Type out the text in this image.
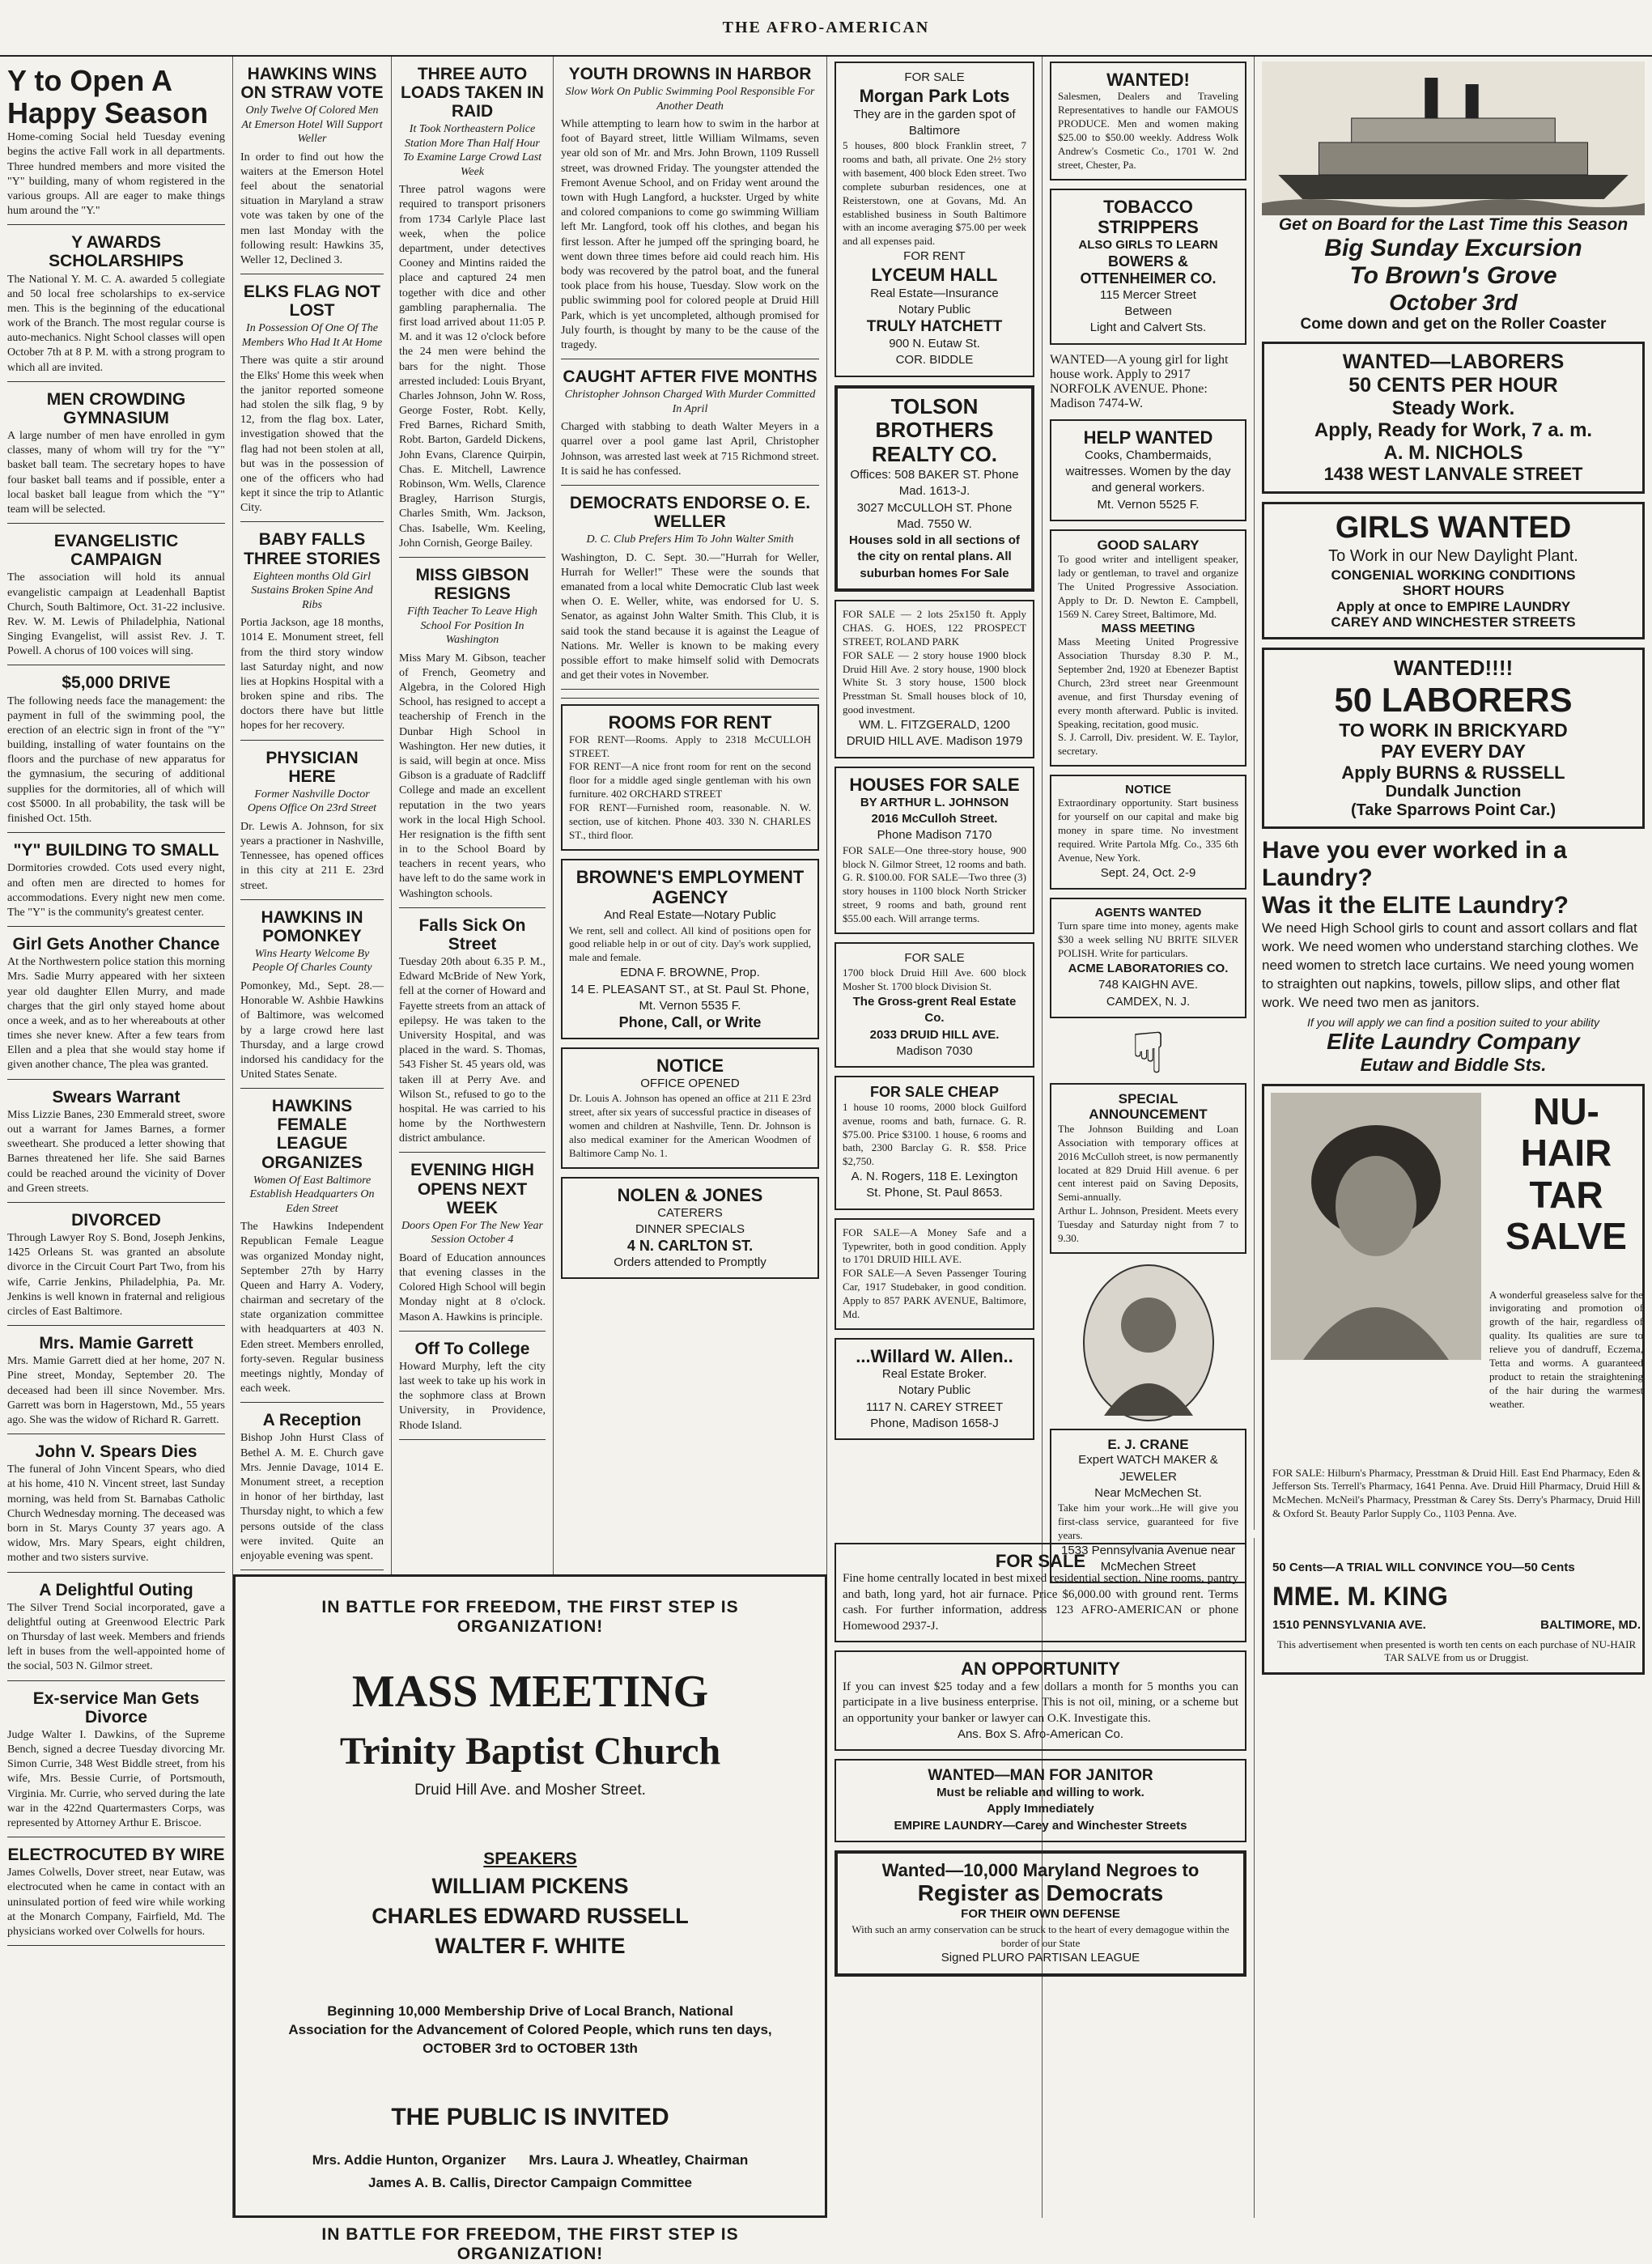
THE AFRO-AMERICAN
Y to Open A Happy Season

Home-coming Social held Tuesday evening begins the active Fall work in all departments. Three hundred members and more visited the "Y" building, many of whom registered in the various groups. All are eager to make things hum around the "Y."

Y AWARDS SCHOLARSHIPS

The National Y. M. C. A. awarded 5 collegiate and 50 local free scholarships to ex-service men. This is the beginning of the educational work of the Branch. The most regular course is auto-mechanics. Night School classes will open October 7th at 8 P. M. with a strong program to which all are invited.

MEN CROWDING GYMNASIUM

A large number of men have enrolled in gym classes, many of whom will try for the "Y" basket ball team. The secretary hopes to have four basket ball teams and if possible, enter a local basket ball league from which the "Y" team will be selected.

EVANGELISTIC CAMPAIGN

The association will hold its annual evangelistic campaign at Leadenhall Baptist Church, South Baltimore, Oct. 31-22 inclusive. Rev. W. M. Lewis of Philadelphia, National Singing Evangelist, will assist Rev. J. T. Powell. A chorus of 100 voices will sing.

$5,000 DRIVE

The following needs face the management: the payment in full of the swimming pool, the erection of an electric sign in front of the "Y" building, installing of water fountains on the floors and the purchase of new apparatus for the gymnasium, the securing of additional supplies for the dormitories, all of which will cost $5000. In all probability, the task will be finished Oct. 15th.

"Y" BUILDING TO SMALL

Dormitories crowded. Cots used every night, and often men are directed to homes for accommodations. Every night new men come. The "Y" is the community's greatest center.

Girl Gets Another Chance

At the Northwestern police station this morning Mrs. Sadie Murry appeared with her sixteen year old daughter Ellen Murry, and made charges that the girl only stayed home about once a week, and as to her whereabouts at other times she never knew. After a few tears from Ellen and a plea that she would stay home if given another chance, The plea was granted.

Swears Warrant

Miss Lizzie Banes, 230 Emmerald street, swore out a warrant for James Barnes, a former sweetheart. She produced a letter showing that Barnes threatened her life. She said Barnes could be reached around the vicinity of Dover and Green streets.

DIVORCED

Through Lawyer Roy S. Bond, Joseph Jenkins, 1425 Orleans St. was granted an absolute divorce in the Circuit Court Part Two, from his wife, Carrie Jenkins, Philadelphia, Pa. Mr. Jenkins is well known in fraternal and religious circles of East Baltimore.

Mrs. Mamie Garrett

Mrs. Mamie Garrett died at her home, 207 N. Pine street, Monday, September 20. The deceased had been ill since November. Mrs. Garrett was born in Hagerstown, Md., 55 years ago. She was the widow of Richard R. Garrett.

John V. Spears Dies

The funeral of John Vincent Spears, who died at his home, 410 N. Vincent street, last Sunday morning, was held from St. Barnabas Catholic Church Wednesday morning. The deceased was born in St. Marys County 37 years ago. A widow, Mrs. Mary Spears, eight children, mother and two sisters survive.

A Delightful Outing

The Silver Trend Social incorporated, gave a delightful outing at Greenwood Electric Park on Thursday of last week. Members and friends left in buses from the well-appointed home of the social, 503 N. Gilmor street.

Ex-service Man Gets Divorce

Judge Walter I. Dawkins, of the Supreme Bench, signed a decree Tuesday divorcing Mr. Simon Currie, 348 West Biddle street, from his wife, Mrs. Bessie Currie, of Portsmouth, Virginia. Mr. Currie, who served during the late war in the 422nd Quartermasters Corps, was represented by Attorney Arthur E. Briscoe.

ELECTROCUTED BY WIRE

James Colwells, Dover street, near Eutaw, was electrocuted when he came in contact with an uninsulated portion of feed wire while working at the Monarch Company, Fairfield, Md. The physicians worked over Colwells for hours.

HAWKINS WINS ON STRAW VOTE
Only Twelve Of Colored Men At Emerson Hotel Will Support Weller

In order to find out how the waiters at the Emerson Hotel feel about the senatorial situation in Maryland a straw vote was taken by one of the men last Monday with the following result: Hawkins 35, Weller 12, Declined 3.

ELKS FLAG NOT LOST
In Possession Of One Of The Members Who Had It At Home

There was quite a stir around the Elks' Home this week when the janitor reported someone had stolen the silk flag, 9 by 12, from the flag box. Later, investigation showed that the flag had not been stolen at all, but was in the possession of one of the officers who had kept it since the trip to Atlantic City.

BABY FALLS THREE STORIES
Eighteen months Old Girl Sustains Broken Spine And Ribs

Portia Jackson, age 18 months, 1014 E. Monument street, fell from the third story window last Saturday night, and now lies at Hopkins Hospital with a broken spine and ribs. The doctors there have but little hopes for her recovery.

PHYSICIAN HERE
Former Nashville Doctor Opens Office On 23rd Street

Dr. Lewis A. Johnson, for six years a practioner in Nashville, Tennessee, has opened offices in this city at 211 E. 23rd street.

HAWKINS IN POMONKEY
Wins Hearty Welcome By People Of Charles County

Pomonkey, Md., Sept. 28.—Honorable W. Ashbie Hawkins of Baltimore, was welcomed by a large crowd here last Thursday, and a large crowd indorsed his candidacy for the United States Senate.

HAWKINS FEMALE LEAGUE ORGANIZES
Women Of East Baltimore Establish Headquarters On Eden Street

The Hawkins Independent Republican Female League was organized Monday night, September 27th by Harry Queen and Harry A. Vodery, chairman and secretary of the state organization committee with headquarters at 403 N. Eden street. Members enrolled, forty-seven. Regular business meetings nightly, Monday of each week.

A Reception

Bishop John Hurst Class of Bethel A. M. E. Church gave Mrs. Jennie Davage, 1014 E. Monument street, a reception in honor of her birthday, last Thursday night, to which a few persons outside of the class were invited. Quite an enjoyable evening was spent.

THREE AUTO LOADS TAKEN IN RAID
It Took Northeastern Police Station More Than Half Hour To Examine Large Crowd Last Week

Three patrol wagons were required to transport prisoners from 1734 Carlyle Place last week, when the police department, under detectives Cooney and Mintins raided the place and captured 24 men together with dice and other gambling paraphernalia. The first load arrived about 11:05 P. M. and it was 12 o'clock before the 24 men were behind the bars for the night. Those arrested included: Louis Bryant, Charles Johnson, John W. Ross, George Foster, Robt. Kelly, Fred Barnes, Richard Smith, Robt. Barton, Gardeld Dickens, John Evans, Clarence Quirpin, Chas. E. Mitchell, Lawrence Robinson, Wm. Wells, Clarence Bragley, Harrison Sturgis, Charles Smith, Wm. Jackson, Chas. Isabelle, Wm. Keeling, John Cornish, George Bailey.

MISS GIBSON RESIGNS
Fifth Teacher To Leave High School For Position In Washington

Miss Mary M. Gibson, teacher of French, Geometry and Algebra, in the Colored High School, has resigned to accept a teachership of French in the Dunbar High School in Washington. Her new duties, it is said, will begin at once. Miss Gibson is a graduate of Radcliff College and made an excellent reputation in the two years work in the local High School. Her resignation is the fifth sent in to the School Board by teachers in recent years, who have left to do the same work in Washington schools.

Falls Sick On Street

Tuesday 20th about 6.35 P. M., Edward McBride of New York, fell at the corner of Howard and Fayette streets from an attack of epilepsy. He was taken to the University Hospital, and was placed in the ward. S. Thomas, 543 Fisher St. 45 years old, was taken ill at Perry Ave. and Wilson St., refused to go to the hospital. He was carried to his home by the Northwestern district ambulance.

EVENING HIGH OPENS NEXT WEEK
Doors Open For The New Year Session October 4

Board of Education announces that evening classes in the Colored High School will begin Monday night at 8 o'clock. Mason A. Hawkins is principle.

Off To College

Howard Murphy, left the city last week to take up his work in the sophmore class at Brown University, in Providence, Rhode Island.

YOUTH DROWNS IN HARBOR
Slow Work On Public Swimming Pool Responsible For Another Death

While attempting to learn how to swim in the harbor at foot of Bayard street, little William Wilmams, seven year old son of Mr. and Mrs. John Brown, 1109 Russell street, was drowned Friday. The youngster attended the Fremont Avenue School, and on Friday went around the town with Hugh Langford, a huckster. Urged by white and colored companions to come go swimming William left Mr. Langford, took off his clothes, and began his first lesson. After he jumped off the springing board, he went down three times before aid could reach him. His body was recovered by the patrol boat, and the funeral took place from his house, Tuesday. Slow work on the public swimming pool for colored people at Druid Hill Park, which is yet uncompleted, although promised for July fourth, is thought by many to be the cause of the tragedy.

CAUGHT AFTER FIVE MONTHS
Christopher Johnson Charged With Murder Committed In April

Charged with stabbing to death Walter Meyers in a quarrel over a pool game last April, Christopher Johnson, was arrested last week at 715 Richmond street. It is said he has confessed.

DEMOCRATS ENDORSE O. E. WELLER
D. C. Club Prefers Him To John Walter Smith

Washington, D. C. Sept. 30.—"Hurrah for Weller, Hurrah for Weller!" These were the sounds that emanated from a local white Democratic Club last week when O. E. Weller, white, was endorsed for U. S. Senator, as against John Walter Smith. This Club, it is said took the stand because it is against the League of Nations. Mr. Weller is known to be making every possible effort to make himself solid with Democrats and get their votes in November.

ROOMS FOR RENT
FOR RENT—Rooms. Apply to 2318 McCULLOH STREET.
FOR RENT—A nice front room for rent on the second floor for a middle aged single gentleman with his own furniture. 402 ORCHARD STREET
FOR RENT—Furnished room, reasonable. N. W. section, use of kitchen. Phone 403. 330 N. CHARLES ST., third floor.
BROWNE'S EMPLOYMENT AGENCY
And Real Estate—Notary Public
We rent, sell and collect. All kind of positions open for good reliable help in or out of city. Day's work supplied, male and female.
EDNA F. BROWNE, Prop.
14 E. PLEASANT ST., at St. Paul St. Phone, Mt. Vernon 5535 F.
Phone, Call, or Write
NOTICE
OFFICE OPENED
Dr. Louis A. Johnson has opened an office at 211 E 23rd street, after six years of successful practice in diseases of women and children at Nashville, Tenn. Dr. Johnson is also medical examiner for the American Woodmen of Baltimore Camp No. 1.
NOLEN & JONES
CATERERS
DINNER SPECIALS
4 N. CARLTON ST.
Orders attended to Promptly
FOR SALE
Morgan Park Lots
They are in the garden spot of Baltimore
5 houses, 800 block Franklin street, 7 rooms and bath, all private. One 2½ story with basement, 400 block Eden street. Two complete suburban residences, one at Reisterstown, one at Govans, Md. An established business in South Baltimore with an income averaging $75.00 per week and all expenses paid.
FOR RENT
LYCEUM HALL
Real Estate—Insurance
Notary Public
TRULY HATCHETT
900 N. Eutaw St.
COR. BIDDLE
TOLSON BROTHERS REALTY CO.
Offices: 508 BAKER ST. Phone Mad. 1613-J.
3027 McCULLOH ST. Phone Mad. 7550 W.
Houses sold in all sections of the city on rental plans. All suburban homes For Sale
FOR SALE — 2 lots 25x150 ft. Apply CHAS. G. HOES, 122 PROSPECT STREET, ROLAND PARK
FOR SALE — 2 story house 1900 block Druid Hill Ave. 2 story house, 1900 block White St. 3 story house, 1500 block Presstman St. Small houses block of 10, good investment.
WM. L. FITZGERALD, 1200 DRUID HILL AVE. Madison 1979
HOUSES FOR SALE
BY ARTHUR L. JOHNSON
2016 McCulloh Street.
Phone Madison 7170
FOR SALE—One three-story house, 900 block N. Gilmor Street, 12 rooms and bath. G. R. $100.00. FOR SALE—Two three (3) story houses in 1100 block North Stricker street, 9 rooms and bath, ground rent $55.00 each. Will arrange terms.
FOR SALE
1700 block Druid Hill Ave. 600 block Mosher St. 1700 block Division St.
The Gross-grent Real Estate Co.
2033 DRUID HILL AVE.
Madison 7030
FOR SALE CHEAP
1 house 10 rooms, 2000 block Guilford avenue, rooms and bath, furnace. G. R. $75.00. Price $3100. 1 house, 6 rooms and bath, 2300 Barclay G. R. $58. Price $2,750.
A. N. Rogers, 118 E. Lexington St. Phone, St. Paul 8653.
FOR SALE—A Money Safe and a Typewriter, both in good condition. Apply to 1701 DRUID HILL AVE.
FOR SALE—A Seven Passenger Touring Car, 1917 Studebaker, in good condition. Apply to 857 PARK AVENUE, Baltimore, Md.
...Willard W. Allen..
Real Estate Broker.
Notary Public
1117 N. CAREY STREET
Phone, Madison 1658-J
WANTED!
Salesmen, Dealers and Traveling Representatives to handle our FAMOUS PRODUCE. Men and women making $25.00 to $50.00 weekly. Address Wolk Andrew's Cosmetic Co., 1701 W. 2nd street, Chester, Pa.
TOBACCO
STRIPPERS
ALSO GIRLS TO LEARN
BOWERS & OTTENHEIMER CO.
115 Mercer Street
Between
Light and Calvert Sts.
WANTED—A young girl for light house work. Apply to 2917 NORFOLK AVENUE. Phone: Madison 7474-W.
HELP WANTED
Cooks, Chambermaids, waitresses. Women by the day and general workers.
Mt. Vernon 5525 F.
GOOD SALARY
To good writer and intelligent speaker, lady or gentleman, to travel and organize The United Progressive Association. Apply to Dr. D. Newton E. Campbell, 1569 N. Carey Street, Baltimore, Md.
MASS MEETING
Mass Meeting United Progressive Association Thursday 8.30 P. M., September 2nd, 1920 at Ebenezer Baptist Church, 23rd street near Greenmount avenue, and first Thursday evening of every month afterward. Public is invited. Speaking, recitation, good music.
S. J. Carroll, Div. president. W. E. Taylor, secretary.
NOTICE
Extraordinary opportunity. Start business for yourself on our capital and make big money in spare time. No investment required. Write Partola Mfg. Co., 335 6th Avenue, New York.
Sept. 24, Oct. 2-9
AGENTS WANTED
Turn spare time into money, agents make $30 a week selling NU BRITE SILVER POLISH. Write for particulars.
ACME LABORATORIES CO.
748 KAIGHN AVE.
CAMDEX, N. J.
☟
SPECIAL ANNOUNCEMENT
The Johnson Building and Loan Association with temporary offices at 2016 McCulloh street, is now permanently located at 829 Druid Hill avenue. 6 per cent interest paid on Saving Deposits, Semi-annually.
Arthur L. Johnson, President. Meets every Tuesday and Saturday night from 7 to 9.30.
E. J. CRANE
Expert WATCH MAKER & JEWELER
Near McMechen St.
Take him your work...He will give you first-class service, guaranteed for five years.
1533 Pennsylvania Avenue near McMechen Street
FOR SALE
Fine home centrally located in best mixed residential section. Nine rooms, pantry and bath, long yard, hot air furnace. Price $6,000.00 with ground rent. Terms cash. For further information, address 123 AFRO-AMERICAN or phone Homewood 2937-J.
AN OPPORTUNITY
If you can invest $25 today and a few dollars a month for 5 months you can participate in a live business enterprise. This is not oil, mining, or a scheme but an opportunity your banker or lawyer can O.K. Investigate this.
Ans. Box S. Afro-American Co.
WANTED—MAN FOR JANITOR
Must be reliable and willing to work.
Apply Immediately
EMPIRE LAUNDRY—Carey and Winchester Streets
Wanted—10,000 Maryland Negroes to
Register as Democrats
FOR THEIR OWN DEFENSE
With such an army conservation can be struck to the heart of every demagogue within the border of our State
Signed PLURO PARTISAN LEAGUE
Get on Board for the Last Time this Season
Big Sunday Excursion
To Brown's Grove
October 3rd
Come down and get on the Roller Coaster
WANTED—LABORERS
50 CENTS PER HOUR
Steady Work.
Apply, Ready for Work, 7 a. m.
A. M. NICHOLS
1438 WEST LANVALE STREET
GIRLS WANTED
To Work in our New Daylight Plant.
CONGENIAL WORKING CONDITIONS
SHORT HOURS
Apply at once to EMPIRE LAUNDRY
CAREY AND WINCHESTER STREETS
WANTED!!!!
50 LABORERS
TO WORK IN BRICKYARD
PAY EVERY DAY
Apply BURNS & RUSSELL
Dundalk Junction
(Take Sparrows Point Car.)
Have you ever worked in a
Laundry?
Was it the ELITE Laundry?
We need High School girls to count and assort collars and flat work. We need women who understand starching clothes. We need women to stretch lace curtains. We need young women to straighten out napkins, towels, pillow slips, and other flat work. We need two men as janitors.
If you will apply we can find a position suited to your ability
Elite Laundry Company
Eutaw and Biddle Sts.
NU-
HAIR
TAR
SALVE
A wonderful greaseless salve for the invigorating and promotion of growth of the hair, regardless of quality. Its qualities are sure to relieve you of dandruff, Eczema, Tetta and worms. A guaranteed product to retain the straightening of the hair during the warmest weather.
FOR SALE: Hilburn's Pharmacy, Presstman & Druid Hill. East End Pharmacy, Eden & Jefferson Sts. Terrell's Pharmacy, 1641 Penna. Ave. Druid Hill Pharmacy, Druid Hill & McMechen. McNeil's Pharmacy, Presstman & Carey Sts. Derry's Pharmacy, Druid Hill & Oxford St. Beauty Parlor Supply Co., 1103 Penna. Ave.
50 Cents—A TRIAL WILL CONVINCE YOU—50 Cents
MME. M. KING
1510 PENNSYLVANIA AVE.	BALTIMORE, MD.
This advertisement when presented is worth ten cents on each purchase of NU-HAIR TAR SALVE from us or Druggist.

IN BATTLE FOR FREEDOM, THE FIRST STEP IS ORGANIZATION!

MASS MEETING

Trinity Baptist Church

Druid Hill Ave. and Mosher Street.

SPEAKERS

WILLIAM PICKENS

CHARLES EDWARD RUSSELL

WALTER F. WHITE

Beginning 10,000 Membership Drive of Local Branch, National Association for the Advancement of Colored People, which runs ten days, OCTOBER 3rd to OCTOBER 13th

THE PUBLIC IS INVITED

Mrs. Addie Hunton, Organizer      Mrs. Laura J. Wheatley, Chairman

James A. B. Callis, Director Campaign Committee

IN BATTLE FOR FREEDOM, THE FIRST STEP IS ORGANIZATION!
